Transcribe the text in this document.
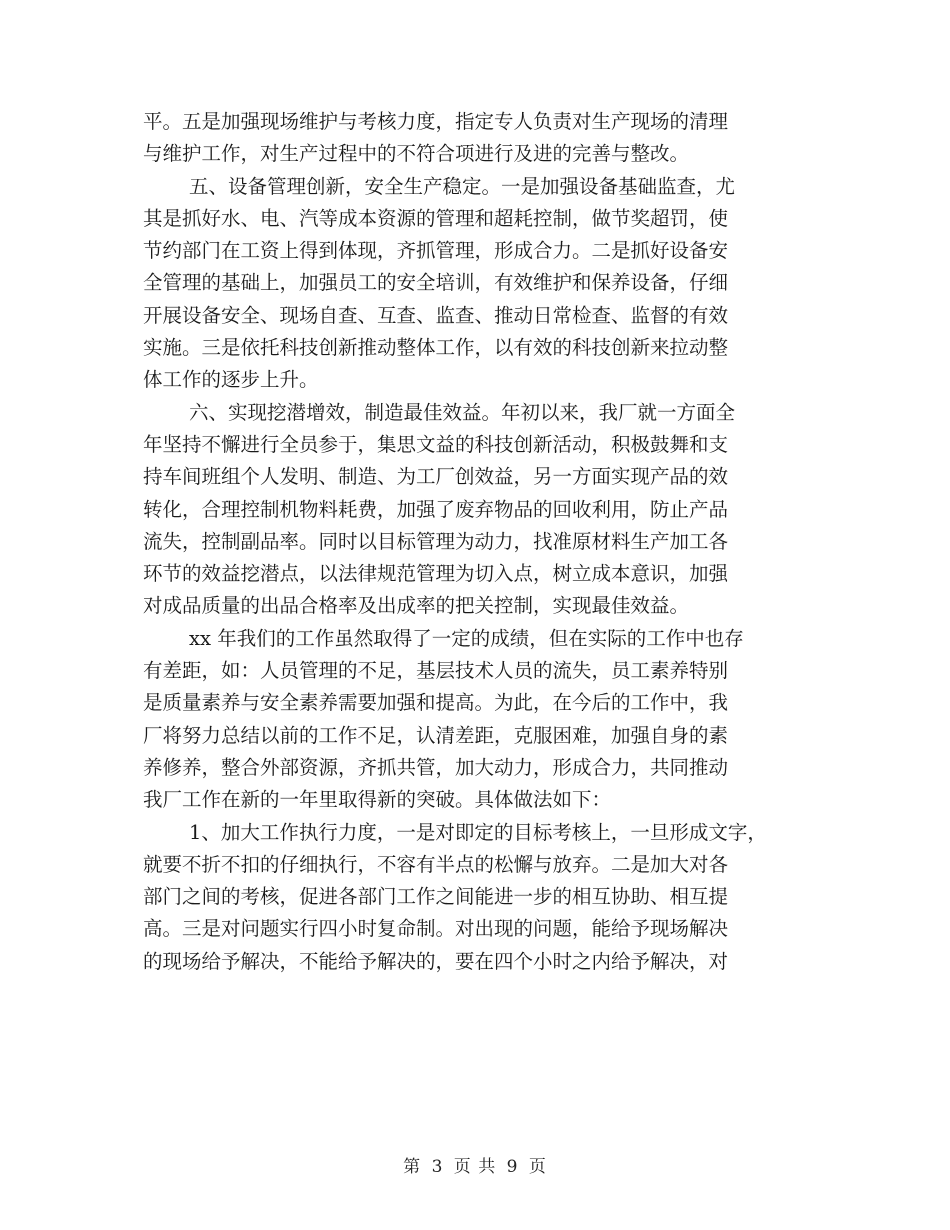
平。五是加强现场维护与考核力度，指定专人负责对生产现场的清理
与维护工作，对生产过程中的不符合项进行及进的完善与整改。
五、设备管理创新，安全生产稳定。一是加强设备基础监查，尤
其是抓好水、电、汽等成本资源的管理和超耗控制，做节奖超罚，使
节约部门在工资上得到体现，齐抓管理，形成合力。二是抓好设备安
全管理的基础上，加强员工的安全培训，有效维护和保养设备，仔细
开展设备安全、现场自查、互查、监查、推动日常检查、监督的有效
实施。三是依托科技创新推动整体工作，以有效的科技创新来拉动整
体工作的逐步上升。
六、实现挖潜增效，制造最佳效益。年初以来，我厂就一方面全
年坚持不懈进行全员参于，集思文益的科技创新活动，积极鼓舞和支
持车间班组个人发明、制造、为工厂创效益，另一方面实现产品的效
转化，合理控制机物料耗费，加强了废弃物品的回收利用，防止产品
流失，控制副品率。同时以目标管理为动力，找准原材料生产加工各
环节的效益挖潜点，以法律规范管理为切入点，树立成本意识，加强
对成品质量的出品合格率及出成率的把关控制，实现最佳效益。
xx 年我们的工作虽然取得了一定的成绩，但在实际的工作中也存
有差距，如：人员管理的不足，基层技术人员的流失，员工素养特别
是质量素养与安全素养需要加强和提高。为此，在今后的工作中，我
厂将努力总结以前的工作不足，认清差距，克服困难，加强自身的素
养修养，整合外部资源，齐抓共管，加大动力，形成合力，共同推动
我厂工作在新的一年里取得新的突破。具体做法如下：
1、加大工作执行力度，一是对即定的目标考核上，一旦形成文字，
就要不折不扣的仔细执行，不容有半点的松懈与放弃。二是加大对各
部门之间的考核，促进各部门工作之间能进一步的相互协助、相互提
高。三是对问题实行四小时复命制。对出现的问题，能给予现场解决
的现场给予解决，不能给予解决的，要在四个小时之内给予解决，对
第 3 页 共 9 页
